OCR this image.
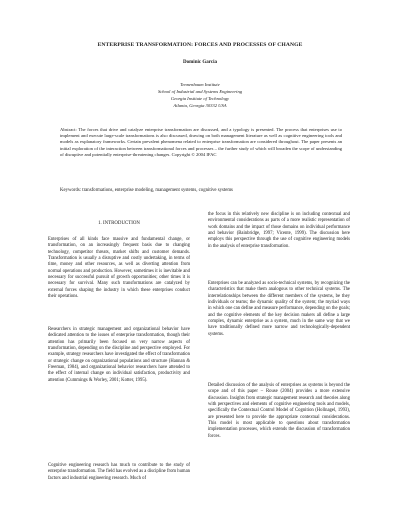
ENTERPRISE TRANSFORMATION: FORCES AND PROCESSES OF CHANGE
Dominic Garcia
Tennenbaum Institute
School of Industrial and Systems Engineering
Georgia Institute of Technology
Atlanta, Georgia 30332 USA
Abstract: The forces that drive and catalyze enterprise transformation are discussed, and a typology is presented. The process that enterprises use to implement and execute large-scale transformations is also discussed, drawing on both management literature as well as cognitive engineering tools and models as explanatory frameworks. Certain prevalent phenomena related to enterprise transformation are considered throughout. The paper presents an initial exploration of the interaction between transformational forces and processes – the further study of which will broaden the scope of understanding of disruptive and potentially enterprise-threatening changes. Copyright © 2004 IFAC
Keywords: transformations, enterprise modeling, management systems, cognitive systems
1. INTRODUCTION

Enterprises of all kinds face massive and fundamental change, or transformation, on an increasingly frequent basis due to changing technology, competitor threats, market shifts and customer demands. Transformation is usually a disruptive and costly undertaking, in terms of time, money and other resources, as well as diverting attention from normal operations and production. However, sometimes it is inevitable and necessary for successful pursuit of growth opportunities; other times it is necessary for survival. Many such transformations are catalyzed by external forces shaping the industry in which these enterprises conduct their operations.

Researchers in strategic management and organizational behavior have dedicated attention to the issues of enterprise transformation, though their attention has primarily been focused on very narrow aspects of transformation, depending on the discipline and perspective employed. For example, strategy researchers have investigated the effect of transformation or strategic change on organizational populations and structure (Hannan & Freeman, 1984), and organizational behavior researchers have attended to the effect of internal change on individual satisfaction, productivity and attention (Cummings & Worley, 2001; Kotter, 1995).

Cognitive engineering research has much to contribute to the study of enterprise transformation. The field has evolved as a discipline from human factors and industrial engineering research. Much of

the focus in this relatively new discipline is on including contextual and environmental considerations as parts of a more realistic representation of work domains and the impact of those domains on individual performance and behavior (Bainbridge, 1997; Vicente, 1999). The discussion here employs this perspective through the use of cognitive engineering models in the analysis of enterprise transformation.

Enterprises can be analyzed as socio-technical systems, by recognizing the characteristics that make them analogous to other technical systems. The interrelationships between the different members of the systems, be they individuals or teams; the dynamic quality of the system; the myriad ways in which one can define and measure performance, depending on the goals; and the cognitive elements of the key decision makers all define a large complex, dynamic enterprise as a system, much in the same way that we have traditionally defined more narrow and technologically-dependent systems.

Detailed discussion of the analysis of enterprises as systems is beyond the scope and of this paper – Rouse (2004) provides a more extensive discussion. Insights from strategic management research and theories along with perspectives and elements of cognitive engineering tools and models, specifically the Contextual Control Model of Cognition (Hollnagel, 1993), are presented here to provide the appropriate contextual considerations. This model is most applicable to questions about transformation implementation processes, which extends the discussion of transformation forces.
